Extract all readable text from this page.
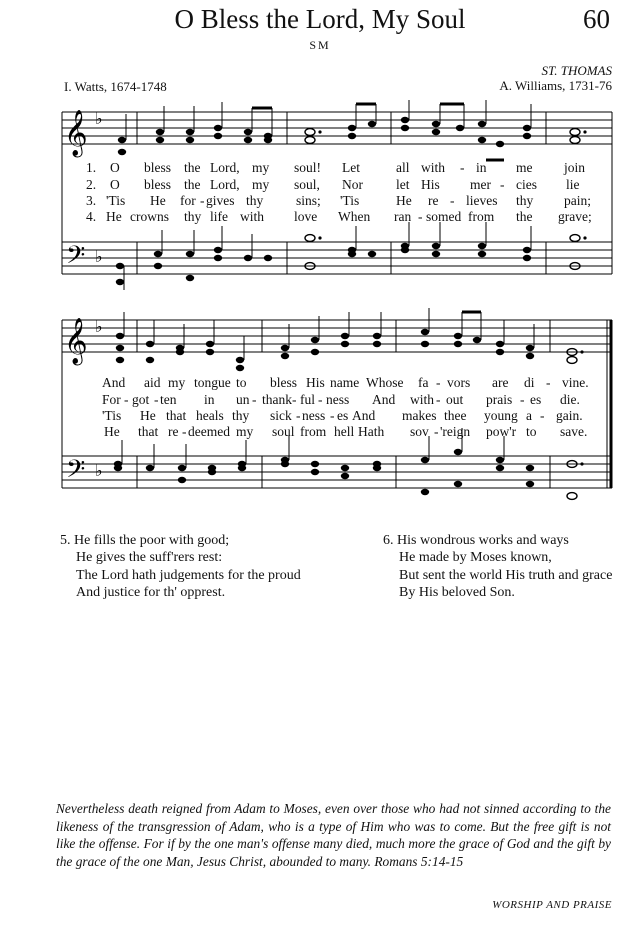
O Bless the Lord, My Soul	60
SM
I. Watts, 1674-1748
ST. THOMAS
A. Williams, 1731-76
𝄞
𝄢
♭
♭
1. O bless the Lord, my soul! Let	all with - in me join
2. O bless the Lord, my soul, Nor let His mer - cies lie
3. 'Tis He for - gives thy sins; 'Tis	He re - lieves thy pain;
4. He crowns thy life with love When ran - somed from the grave;
𝄞
𝄢
♭
♭
And aid my tongue to bless His name Whose fa - vors are di - vine.
For - got - ten in un - thank - ful - ness And with - out prais - es die.
'Tis He that heals thy sick - ness - es And makes thee young a - gain.
He that re - deemed my soul from hell Hath sov - 'reign pow'r to save.
5. He fills the poor with good;
He gives the suff'rers rest:
The Lord hath judgements for the proud
And justice for th' opprest.
6. His wondrous works and ways
He made by Moses known,
But sent the world His truth and grace
By His beloved Son.
Nevertheless death reigned from Adam to Moses, even over those who had not sinned according to the likeness of the transgression of Adam, who is a type of Him who was to come. But the free gift is not like the offense. For if by the one man's offense many died, much more the grace of God and the gift by the grace of the one Man, Jesus Christ, abounded to many. Romans 5:14-15
WORSHIP AND PRAISE
